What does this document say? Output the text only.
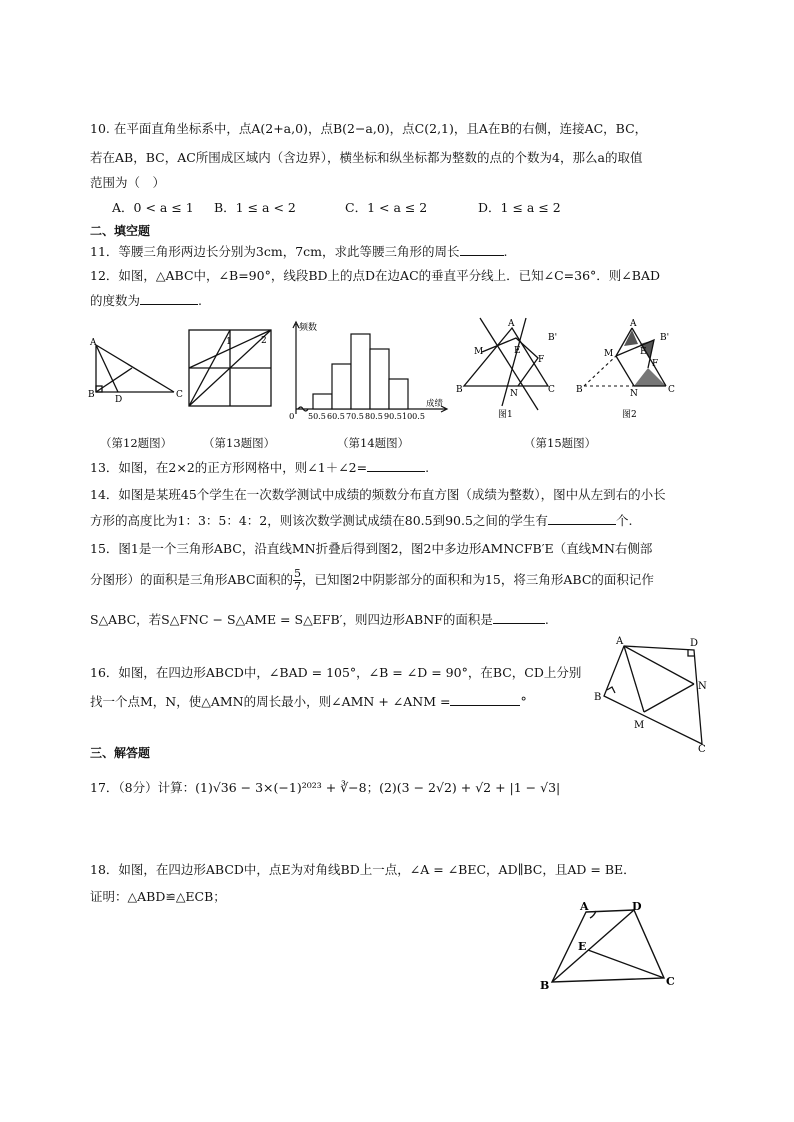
10. 在平面直角坐标系中，点A(2+a,0)，点B(2−a,0)，点C(2,1)，且A在B的右侧，连接AC，BC，
若在AB，BC，AC所围成区域内（含边界），横坐标和纵坐标都为整数的点的个数为4，那么a的取值
范围为（　）
A．0 < a ≤ 1 B．1 ≤ a < 2	C．1 < a ≤ 2	D．1 ≤ a ≤ 2
二、填空题
11．等腰三角形两边长分别为3cm，7cm，求此等腰三角形的周长	.
12．如图，△ABC中，∠B=90°，线段BD上的点D在边AC的垂直平分线上．已知∠C=36°．则∠BAD
的度数为	.
A
B D	C
（第12题图）
1	2
（第13题图）
频数
成绩
0 50.5 60.5 70.5 80.5 90.5 100.5
（第14题图）
A
B'
M	E
F
B	N	C
图1
A
B'
M	E
F
B	N	C
图2
（第15题图）
13．如图，在2×2的正方形网格中，则∠1＋∠2=	.
14．如图是某班45个学生在一次数学测试中成绩的频数分布直方图（成绩为整数），图中从左到右的小长
方形的高度比为1：3：5：4：2，则该次数学测试成绩在80.5到90.5之间的学生有	个.
15．图1是一个三角形ABC，沿直线MN折叠后得到图2，图2中多边形AMNCFB′E（直线MN右侧部
分图形）的面积是三角形ABC面积的 $\frac{5}{7}$ ，已知图2中阴影部分的面积和为15，将三角形ABC的面积记作
S△ABC，若S△FNC − S△AME = S△EFB′，则四边形ABNF的面积是	.
16．如图，在四边形ABCD中，∠BAD = 105°，∠B = ∠D = 90°，在BC，CD上分别
找一个点M，N，使△AMN的周长最小，则∠AMN + ∠ANM =	°
A	D
B
N
M
C
三、解答题
17．（8分）计算：(1)√36 − 3×(−1)²⁰²³ + ∛−8；(2)(3 − 2√2) + √2 + |1 − √3|
18．如图，在四边形ABCD中，点E为对角线BD上一点，∠A = ∠BEC，AD∥BC，且AD = BE．
证明：△ABD≌△ECB；
A	D
E
B	C
